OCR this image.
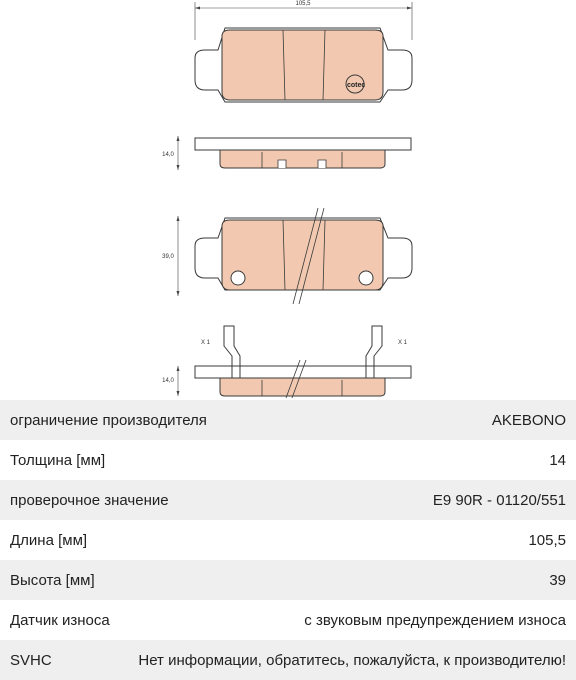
105,5
cotec
14,0
39,0
X 1	X 1
14,0
ограничение производителя	AKEBONO
Толщина [мм]	14
проверочное значение	E9 90R - 01120/551
Длина [мм]	105,5
Высота [мм]	39
Датчик износа	с звуковым предупреждением износа
SVHC	Нет информации, обратитесь, пожалуйста, к производителю!
